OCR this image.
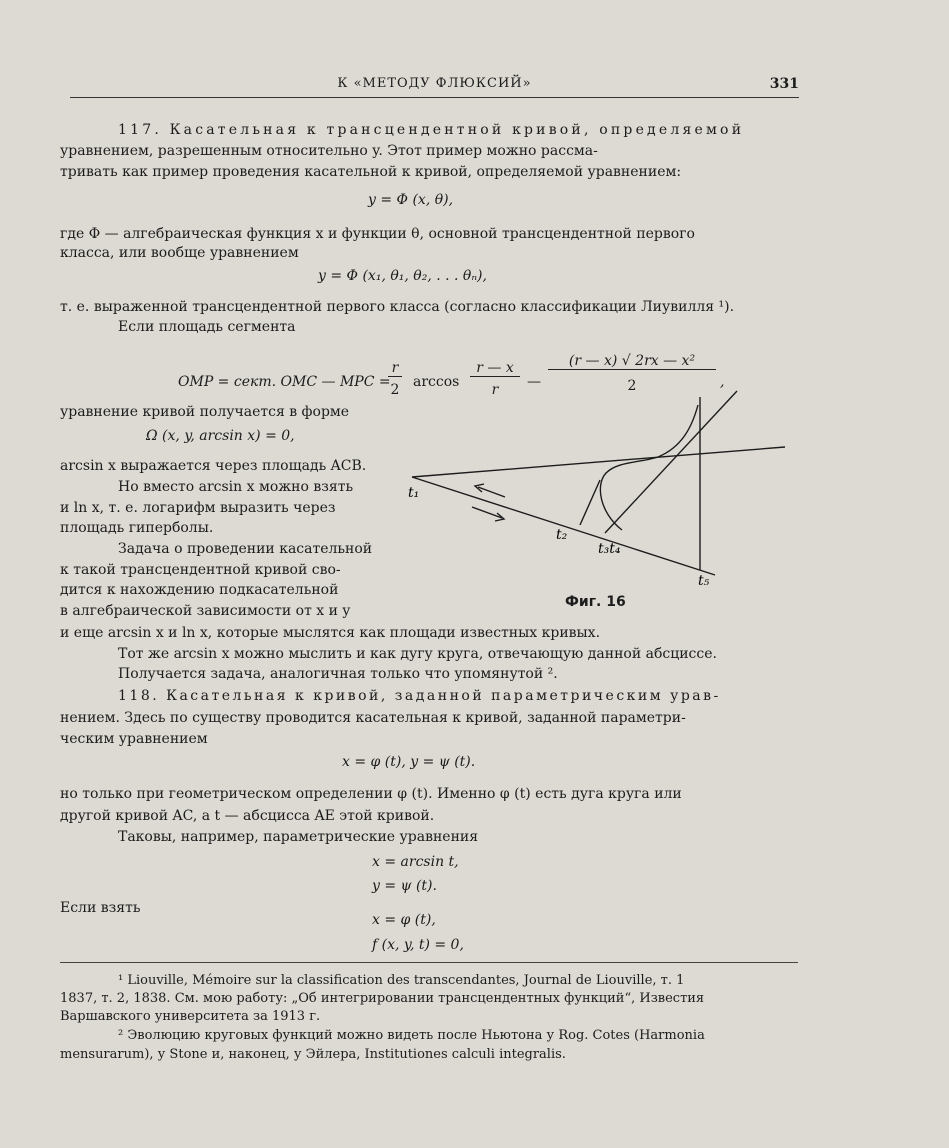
К «МЕТОДУ ФЛЮКСИЙ»	331
117. Касательная к трансцендентной кривой, определяемой
уравнением, разрешенным относительно y. Этот пример можно рассма-
тривать как пример проведения касательной к кривой, определяемой уравнением:
y = Φ (x, θ),
где Φ — алгебраическая функция x и функции θ, основной трансцендентной первого
класса, или вообще уравнением
y = Φ (x₁, θ₁, θ₂, . . . θₙ),
т. е. выраженной трансцендентной первого класса (согласно классификации Лиувилля ¹).
Если площадь сегмента
OMP = сект. OMC — MPC =
r
2 arccos
r — x
r	—
(r — x) √ 2rx — x²
2	,
уравнение кривой получается в форме
Ω (x, y, arcsin x) = 0,
arcsin x выражается через площадь ACB.
Но вместо arcsin x можно взять
и ln x, т. е. логарифм выразить через
площадь гиперболы.
Задача о проведении касательной
к такой трансцендентной кривой сво-
дится к нахождению подкасательной
в алгебраической зависимости от x и y
и еще arcsin x и ln x, которые мыслятся как площади известных кривых.
Тот же arcsin x можно мыслить и как дугу круга, отвечающую данной абсциссе.
Получается задача, аналогичная только что упомянутой ².
118. Касательная к кривой, заданной параметрическим урав-
нением. Здесь по существу проводится касательная к кривой, заданной параметри-
ческим уравнением
x = φ (t), y = ψ (t).
но только при геометрическом определении φ (t). Именно φ (t) есть дуга круга или
другой кривой AC, а t — абсцисса AE этой кривой.
Таковы, например, параметрические уравнения
x = arcsin t,
y = ψ (t).
Если взять
x = φ (t),
f (x, y, t) = 0,
t₁
t₂
t₃t₄
t₅
Фиг. 16
¹ Liouville, Mémoire sur la classification des transcendantes, Journal de Liouville, т. 1
1837, т. 2, 1838. См. мою работу: „Об интегрировании трансцендентных функций“, Известия
Варшавского университета за 1913 г.
² Эволюцию круговых функций можно видеть после Ньютона у Rog. Cotes (Harmonia
mensurarum), у Stone и, наконец, у Эйлера, Institutiones calculi integralis.
